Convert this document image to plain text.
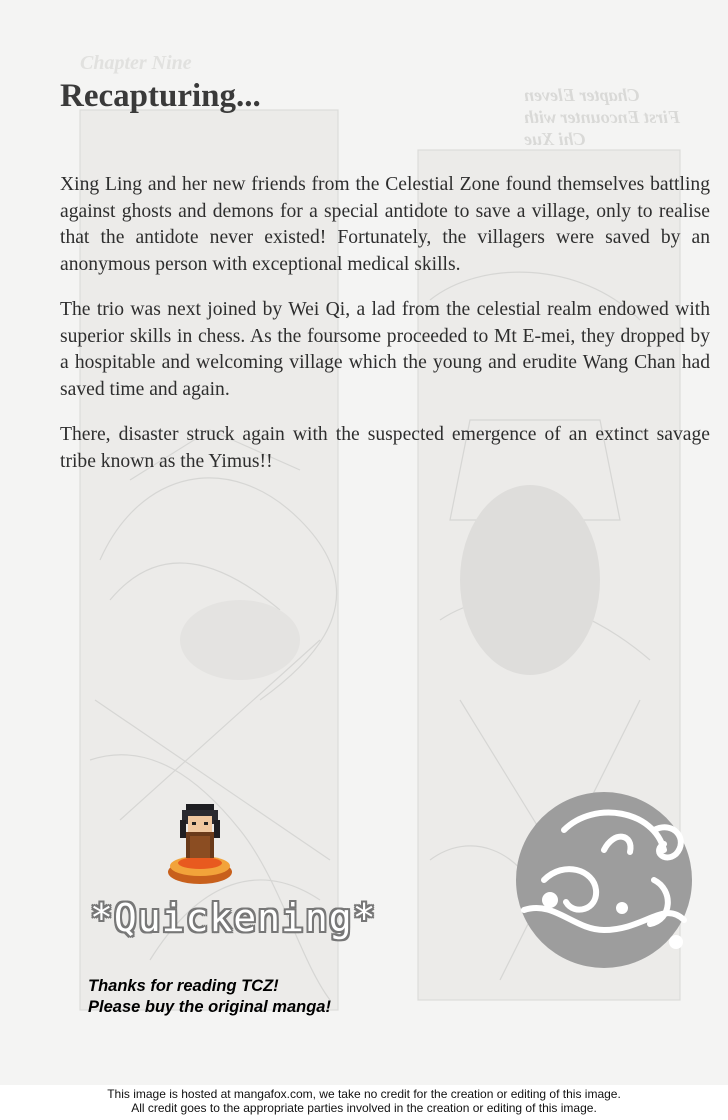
Chapter Nine
Chapter Eleven
First Encounter with
Chi Xue
Recapturing...

Xing Ling and her new friends from the Celestial Zone found themselves battling against ghosts and demons for a special antidote to save a village, only to realise that the antidote never existed! Fortunately, the villagers were saved by an anonymous person with exceptional medical skills.

The trio was next joined by Wei Qi, a lad from the celestial realm endowed with superior skills in chess. As the foursome proceeded to Mt E-mei, they dropped by a hospitable and welcoming village which the young and erudite Wang Chan had saved time and again.

There, disaster struck again with the suspected emergence of an extinct savage tribe known as the Yimus!!

*Quickening*
Thanks for reading TCZ!
Please buy the original manga!
This image is hosted at mangafox.com, we take no credit for the creation or editing of this image.
All credit goes to the appropriate parties involved in the creation or editing of this image.
